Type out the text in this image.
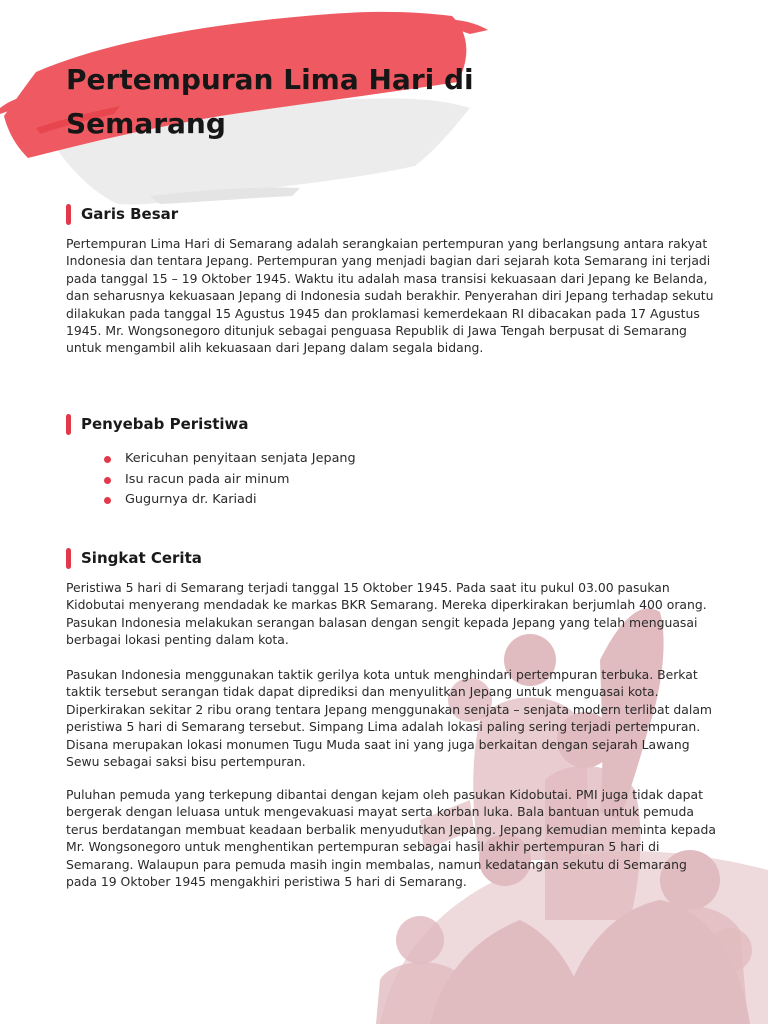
Pertempuran Lima Hari di Semarang
Garis Besar

Pertempuran Lima Hari di Semarang adalah serangkaian pertempuran yang berlangsung antara rakyat Indonesia dan tentara Jepang. Pertempuran yang menjadi bagian dari sejarah kota Semarang ini terjadi pada tanggal 15 – 19 Oktober 1945. Waktu itu adalah masa transisi kekuasaan dari Jepang ke Belanda, dan seharusnya kekuasaan Jepang di Indonesia sudah berakhir. Penyerahan diri Jepang terhadap sekutu dilakukan pada tanggal 15 Agustus 1945 dan proklamasi kemerdekaan RI dibacakan pada 17 Agustus 1945. Mr. Wongsonegoro ditunjuk sebagai penguasa Republik di Jawa Tengah berpusat di Semarang untuk mengambil alih kekuasaan dari Jepang dalam segala bidang.

Penyebab Peristiwa
Kericuhan penyitaan senjata Jepang
Isu racun pada air minum
Gugurnya dr. Kariadi
Singkat Cerita

Peristiwa 5 hari di Semarang terjadi tanggal 15 Oktober 1945. Pada saat itu pukul 03.00 pasukan Kidobutai menyerang mendadak ke markas BKR Semarang. Mereka diperkirakan berjumlah 400 orang. Pasukan Indonesia melakukan serangan balasan dengan sengit kepada Jepang yang telah menguasai berbagai lokasi penting dalam kota.

Pasukan Indonesia menggunakan taktik gerilya kota untuk menghindari pertempuran terbuka. Berkat taktik tersebut serangan tidak dapat diprediksi dan menyulitkan Jepang untuk menguasai kota. Diperkirakan sekitar 2 ribu orang tentara Jepang menggunakan senjata – senjata modern terlibat dalam peristiwa 5 hari di Semarang tersebut. Simpang Lima adalah lokasi paling sering terjadi pertempuran. Disana merupakan lokasi monumen Tugu Muda saat ini yang juga berkaitan dengan sejarah Lawang Sewu sebagai saksi bisu pertempuran.

Puluhan pemuda yang terkepung dibantai dengan kejam oleh pasukan Kidobutai. PMI juga tidak dapat bergerak dengan leluasa untuk mengevakuasi mayat serta korban luka. Bala bantuan untuk pemuda terus berdatangan membuat keadaan berbalik menyudutkan Jepang. Jepang kemudian meminta kepada Mr. Wongsonegoro untuk menghentikan pertempuran sebagai hasil akhir pertempuran 5 hari di Semarang. Walaupun para pemuda masih ingin membalas, namun kedatangan sekutu di Semarang pada 19 Oktober 1945 mengakhiri peristiwa 5 hari di Semarang.
